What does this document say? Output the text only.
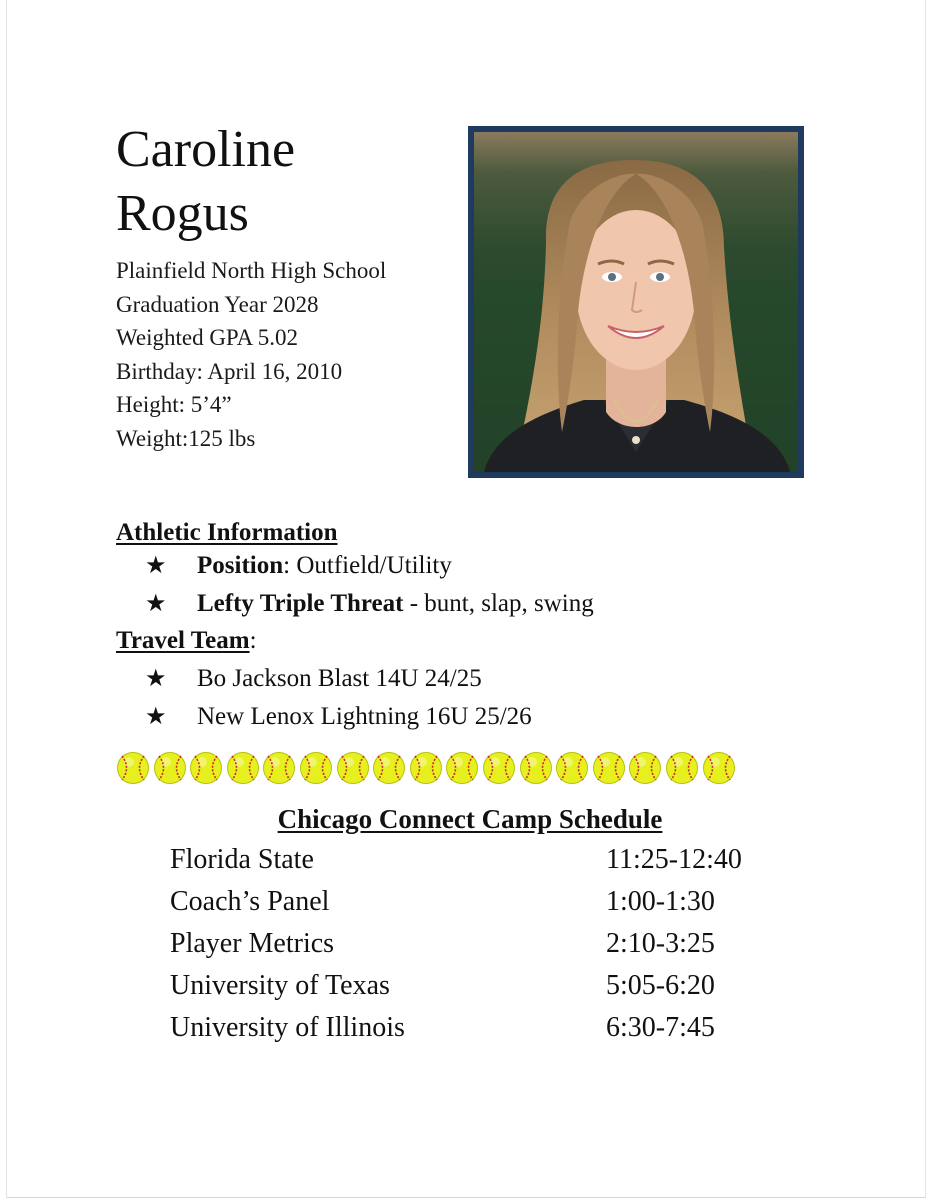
Caroline
Rogus
Plainfield North High School
Graduation Year 2028
Weighted GPA 5.02
Birthday: April 16, 2010
Height: 5’4”
Weight:125 lbs
Athletic Information
★ Position: Outfield/Utility
★ Lefty Triple Threat - bunt, slap, swing
Travel Team:
★ Bo Jackson Blast 14U 24/25
★ New Lenox Lightning 16U 25/26
Chicago Connect Camp Schedule
Florida State	11:25-12:40
Coach’s Panel	1:00-1:30
Player Metrics	2:10-3:25
University of Texas	5:05-6:20
University of Illinois	6:30-7:45
